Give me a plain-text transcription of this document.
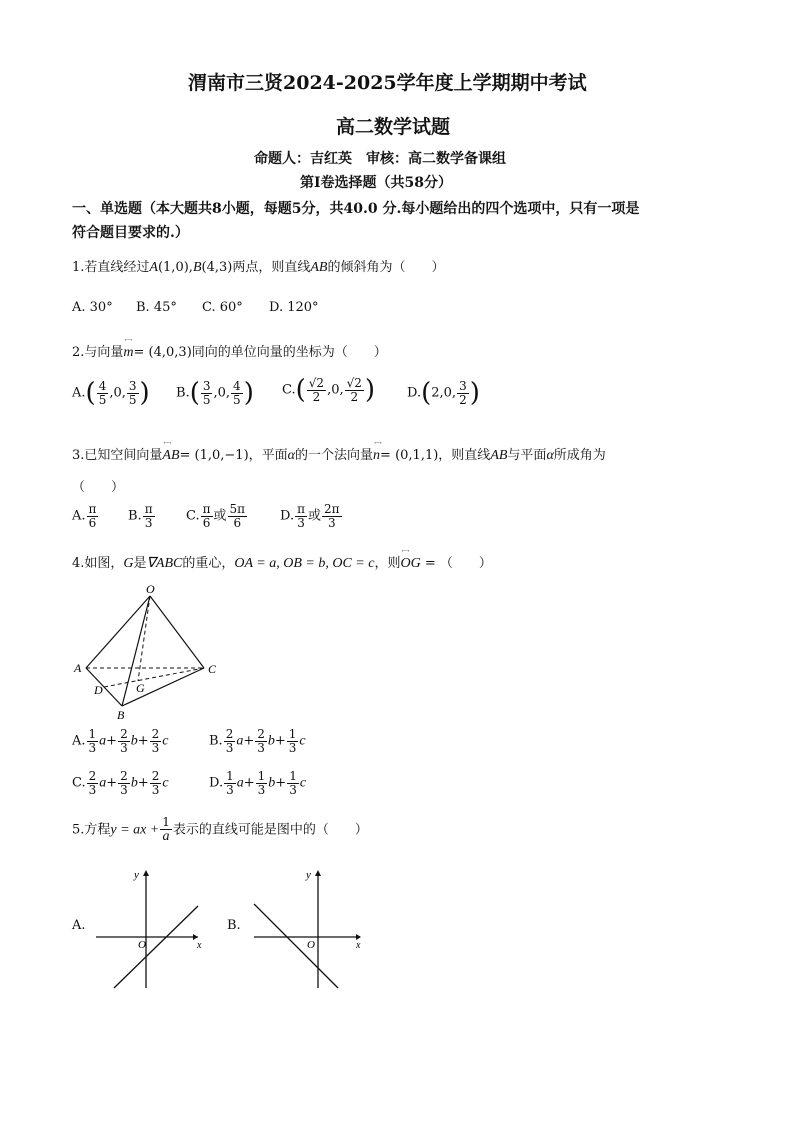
渭南市三贤2024-2025学年度上学期期中考试
高二数学试题
命题人：吉红英　审核：高二数学备课组
第Ⅰ卷选择题（共58分）
一、单选题（本大题共8小题，每题5分，共40.0 分.每小题给出的四个选项中，只有一项是
符合题目要求的.）
1.若直线经过A(1,0),B(4,3)两点，则直线AB的倾斜角为（　　）
A. 30° B. 45° C. 60° D. 120°
2.与向量←→ m= (4,0,3)同向的单位向量的坐标为（　　）
$A.( \frac{4}{5} ,0$, $\frac{3}{5}$ ) $B.( \frac{3}{5} ,0$, $\frac{4}{5}$ ) $C.( \frac{√2}{2} ,0$, $\frac{√2}{2}$ ) D.(2,0, $\frac{3}{2}$ )
3.已知空间向量←→ AB= (1,0,−1)，平面α的一个法向量←→ n= (0,1,1)，则直线AB与平面α所成角为
（　　）
A. $\frac{\pi}{6} B$. $\frac{\pi}{3} C$. $\frac{\pi}{6}$ 或 $\frac{5\pi}{6}$	D. $\frac{\pi}{3}$ 或 $\frac{2\pi}{3}$
4.如图，G是∇ABC的重心，OA = a, OB = b, OC = c，则←→ OG = （　　）
O
A	C
D	G
B
A. $\frac{1}{3} a+ \frac{2}{3} b+ \frac{2}{3}$ c	B. $\frac{2}{3} a+ \frac{2}{3} b+ \frac{1}{3}$ c
C. $\frac{2}{3} a+ \frac{2}{3} b+ \frac{2}{3}$ c	D. $\frac{1}{3} a+ \frac{1}{3} b+ \frac{1}{3}$ c
5.方程y = ax + $\frac{1}{a}$ 表示的直线可能是图中的（　　）
A.
y
x
O
B.
y
x
O
